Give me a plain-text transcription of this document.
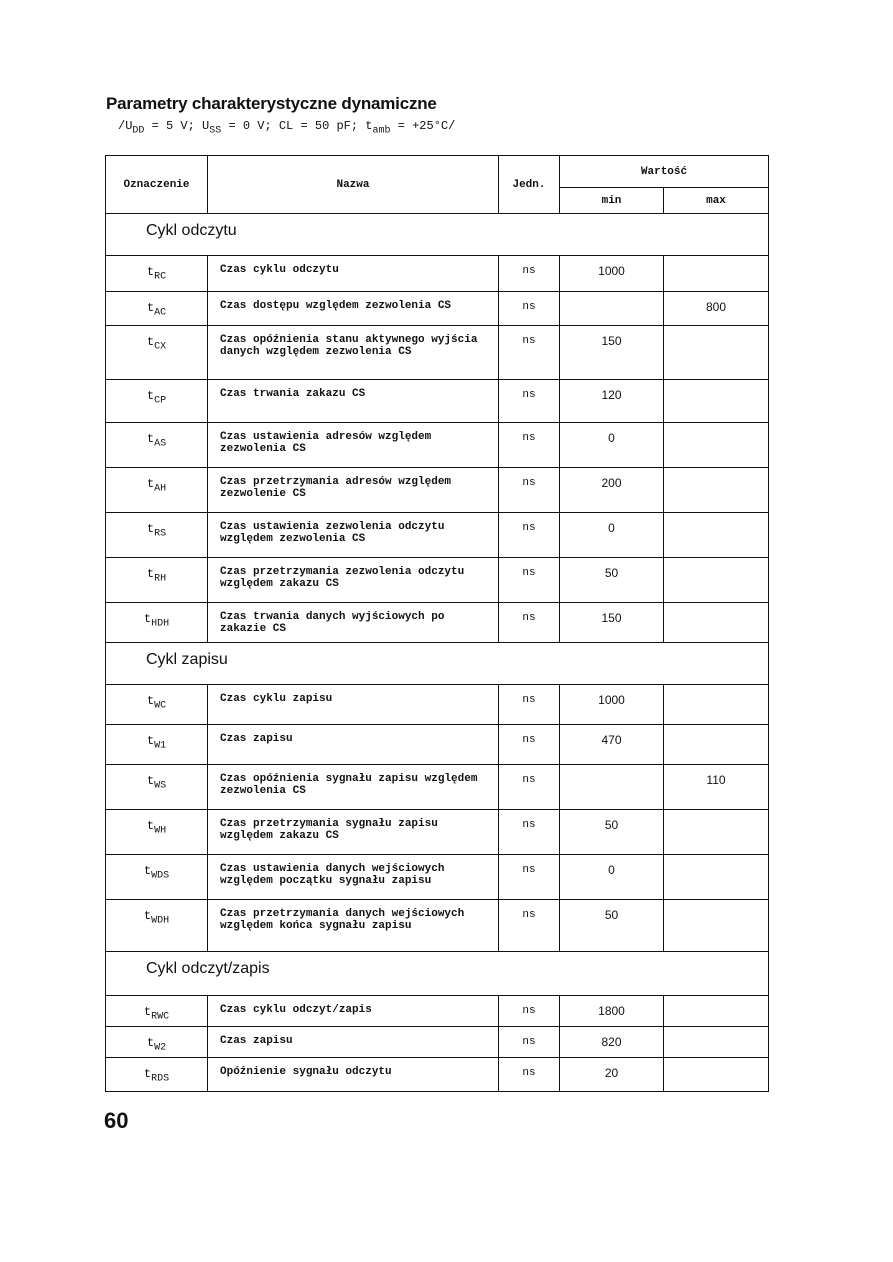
Parametry charakterystyczne dynamiczne
$/U_{DD} = 5$ V; $U_{SS} = 0$ V; CL = 50 pF; $t_{amb} = +25^\circ C/$
Oznaczenie	Nazwa	Jedn.	Wartość	
			min	max
Cykl odczytu				
$t_{RC}$	Czas cyklu odczytu	ns	1000	
$t_{AC}$	Czas dostępu względem zezwolenia CS	ns		800
$t_{CX}$	Czas opóźnienia stanu aktywnego wyjścia danych względem zezwolenia CS	ns	150	
$t_{CP}$	Czas trwania zakazu CS	ns	120	
$t_{AS}$	Czas ustawienia adresów względem zezwolenia CS	ns	0	
$t_{AH}$	Czas przetrzymania adresów względem zezwolenie CS	ns	200	
$t_{RS}$	Czas ustawienia zezwolenia odczytu względem zezwolenia CS	ns	0	
$t_{RH}$	Czas przetrzymania zezwolenia odczytu względem zakazu CS	ns	50	
$t_{HDH}$	Czas trwania danych wyjściowych po zakazie CS	ns	150	
Cykl zapisu				
$t_{WC}$	Czas cyklu zapisu	ns	1000	
$t_{W1}$	Czas zapisu	ns	470	
$t_{WS}$	Czas opóźnienia sygnału zapisu względem zezwolenia CS	ns		110
$t_{WH}$	Czas przetrzymania sygnału zapisu względem zakazu CS	ns	50	
$t_{WDS}$	Czas ustawienia danych wejściowych względem początku sygnału zapisu	ns	0	
$t_{WDH}$	Czas przetrzymania danych wejściowych względem końca sygnału zapisu	ns	50	
Cykl odczyt/zapis				
$t_{RWC}$	Czas cyklu odczyt/zapis	ns	1800	
$t_{W2}$	Czas zapisu	ns	820	
$t_{RDS}$	Opóźnienie sygnału odczytu	ns	20	
60
